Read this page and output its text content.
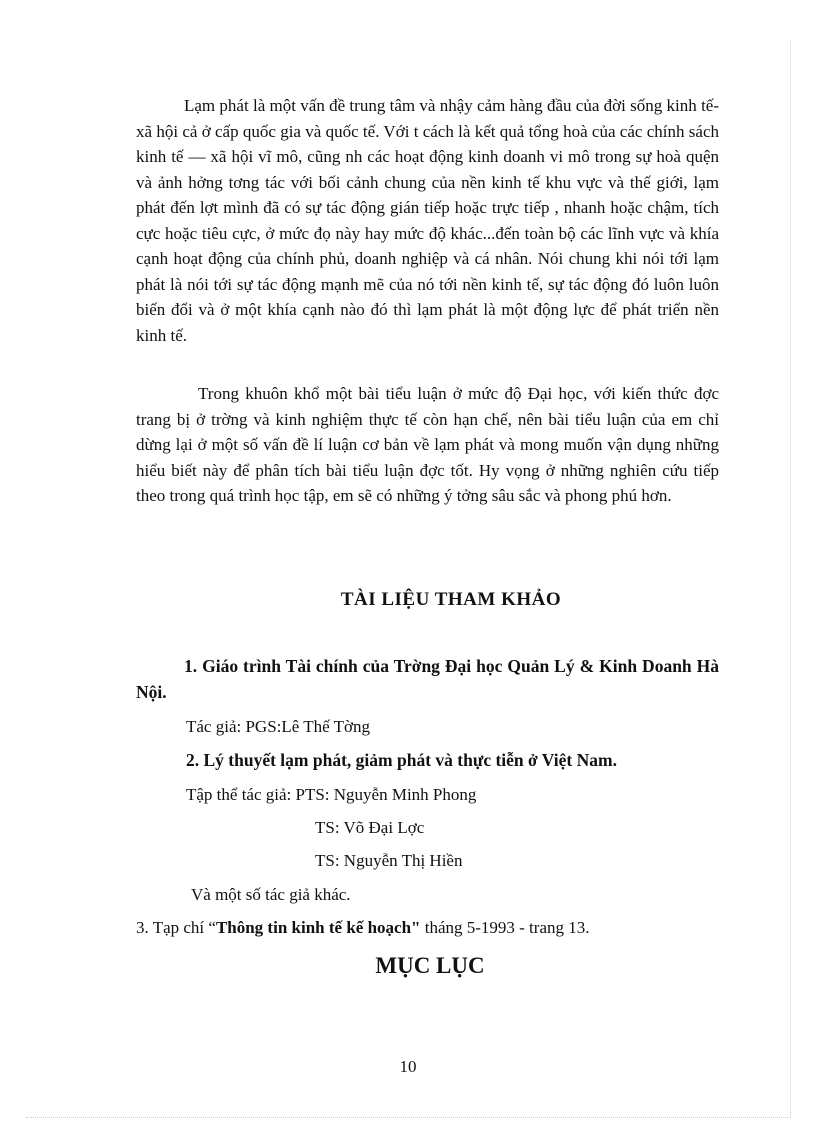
Lạm phát là một vấn đề trung tâm và nhậy cảm hàng đầu của đời sống kinh tế- xã hội cả ở cấp quốc gia và quốc tế. Với t cách là kết quả tổng hoà của các chính sách kinh tế — xã hội vĩ mô, cũng nh các hoạt động kinh doanh vi mô trong sự hoà quện và ảnh hởng tơng tác với bối cảnh chung của nền kinh tế khu vực và thế giới, lạm phát đến lợt mình đã có sự tác động gián tiếp hoặc trực tiếp , nhanh hoặc chậm, tích cực hoặc tiêu cực, ở mức đọ này hay mức độ khác...đến toàn bộ các lĩnh vực và khía cạnh hoạt động của chính phủ, doanh nghiệp và cá nhân. Nói chung khi nói tới lạm phát là nói tới sự tác động mạnh mẽ của nó tới nền kinh tế, sự tác động đó luôn luôn biến đổi và ở một khía cạnh nào đó thì lạm phát là một động lực để phát triển nền kinh tế.

Trong khuôn khổ một bài tiểu luận ở mức độ Đại học, với kiến thức đợc trang bị ở trờng và kinh nghiệm thực tế còn hạn chế, nên bài tiểu luận của em chỉ dừng lại ở một số vấn đề lí luận cơ bản về lạm phát và mong muốn vận dụng những hiểu biết này để phân tích bài tiểu luận đợc tốt. Hy vọng ở những nghiên cứu tiếp theo trong quá trình học tập, em sẽ có những ý tởng sâu sắc và phong phú hơn.

TÀI LIỆU THAM KHẢO

1. Giáo trình Tài chính của Trờng Đại học Quản Lý & Kinh Doanh Hà Nội.

Tác giả: PGS:Lê Thế Tờng

2. Lý thuyết lạm phát, giảm phát và thực tiễn ở Việt Nam.

Tập thể tác giả: PTS: Nguyễn Minh Phong

TS: Võ Đại Lợc

TS: Nguyễn Thị Hiền

Và một số tác giả khác.

3. Tạp chí “Thông tin kinh tế kế hoạch" tháng 5-1993 - trang 13.

MỤC LỤC

10
